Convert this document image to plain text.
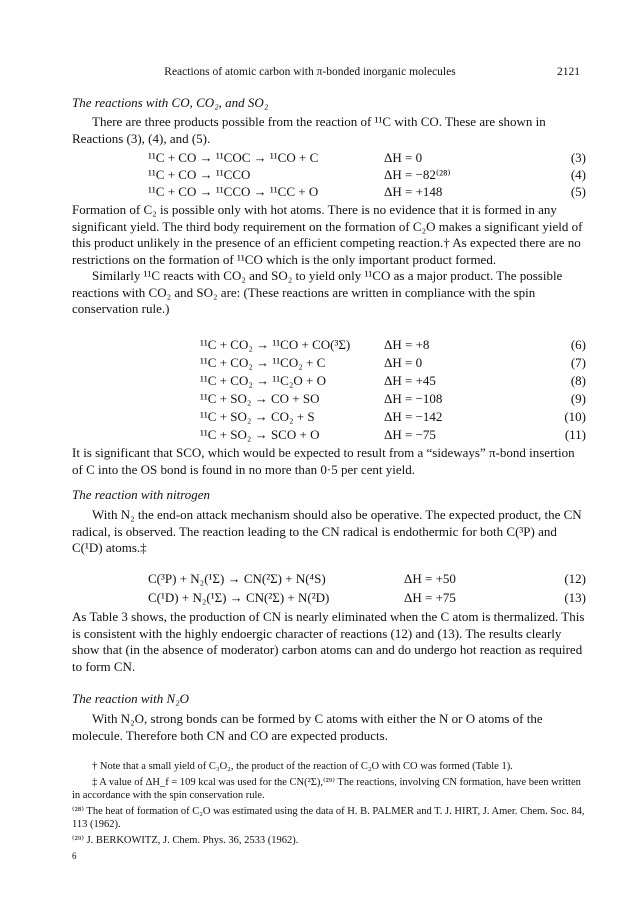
Reactions of atomic carbon with π-bonded inorganic molecules	2121
The reactions with CO, CO₂, and SO₂

There are three products possible from the reaction of ¹¹C with CO. These are shown in Reactions (3), (4), and (5).

¹¹C + CO → ¹¹COC → ¹¹CO + C	ΔH = 0	(3)
¹¹C + CO → ¹¹CCO	ΔH = −82⁽²⁸⁾	(4)
¹¹C + CO → ¹¹CCO → ¹¹CC + O	ΔH = +148	(5)

Formation of C₂ is possible only with hot atoms. There is no evidence that it is formed in any significant yield. The third body requirement on the formation of C₂O makes a significant yield of this product unlikely in the presence of an efficient competing reaction.† As expected there are no restrictions on the formation of ¹¹CO which is the only important product formed.

Similarly ¹¹C reacts with CO₂ and SO₂ to yield only ¹¹CO as a major product. The possible reactions with CO₂ and SO₂ are: (These reactions are written in compliance with the spin conservation rule.)

¹¹C + CO₂ → ¹¹CO + CO(³Σ)	ΔH = +8	(6)
¹¹C + CO₂ → ¹¹CO₂ + C	ΔH = 0	(7)
¹¹C + CO₂ → ¹¹C₂O + O	ΔH = +45	(8)
¹¹C + SO₂ → CO + SO	ΔH = −108	(9)
¹¹C + SO₂ → CO₂ + S	ΔH = −142	(10)
¹¹C + SO₂ → SCO + O	ΔH = −75	(11)

It is significant that SCO, which would be expected to result from a “sideways” π-bond insertion of C into the OS bond is found in no more than 0·5 per cent yield.

The reaction with nitrogen

With N₂ the end-on attack mechanism should also be operative. The expected product, the CN radical, is observed. The reaction leading to the CN radical is endothermic for both C(³P) and C(¹D) atoms.‡

C(³P) + N₂(¹Σ) → CN(²Σ) + N(⁴S)	ΔH = +50	(12)
C(¹D) + N₂(¹Σ) → CN(²Σ) + N(²D)	ΔH = +75	(13)

As Table 3 shows, the production of CN is nearly eliminated when the C atom is thermalized. This is consistent with the highly endoergic character of reactions (12) and (13). The results clearly show that (in the absence of moderator) carbon atoms can and do undergo hot reaction as required to form CN.

The reaction with N₂O

With N₂O, strong bonds can be formed by C atoms with either the N or O atoms of the molecule. Therefore both CN and CO are expected products.

† Note that a small yield of C₃O₂, the product of the reaction of C₂O with CO was formed (Table 1).

‡ A value of ΔH_f = 109 kcal was used for the CN(²Σ),⁽²⁹⁾ The reactions, involving CN formation, have been written in accordance with the spin conservation rule.

⁽²⁸⁾ The heat of formation of C₂O was estimated using the data of H. B. PALMER and T. J. HIRT, J. Amer. Chem. Soc. 84, 113 (1962).

⁽²⁹⁾ J. BERKOWITZ, J. Chem. Phys. 36, 2533 (1962).

6
